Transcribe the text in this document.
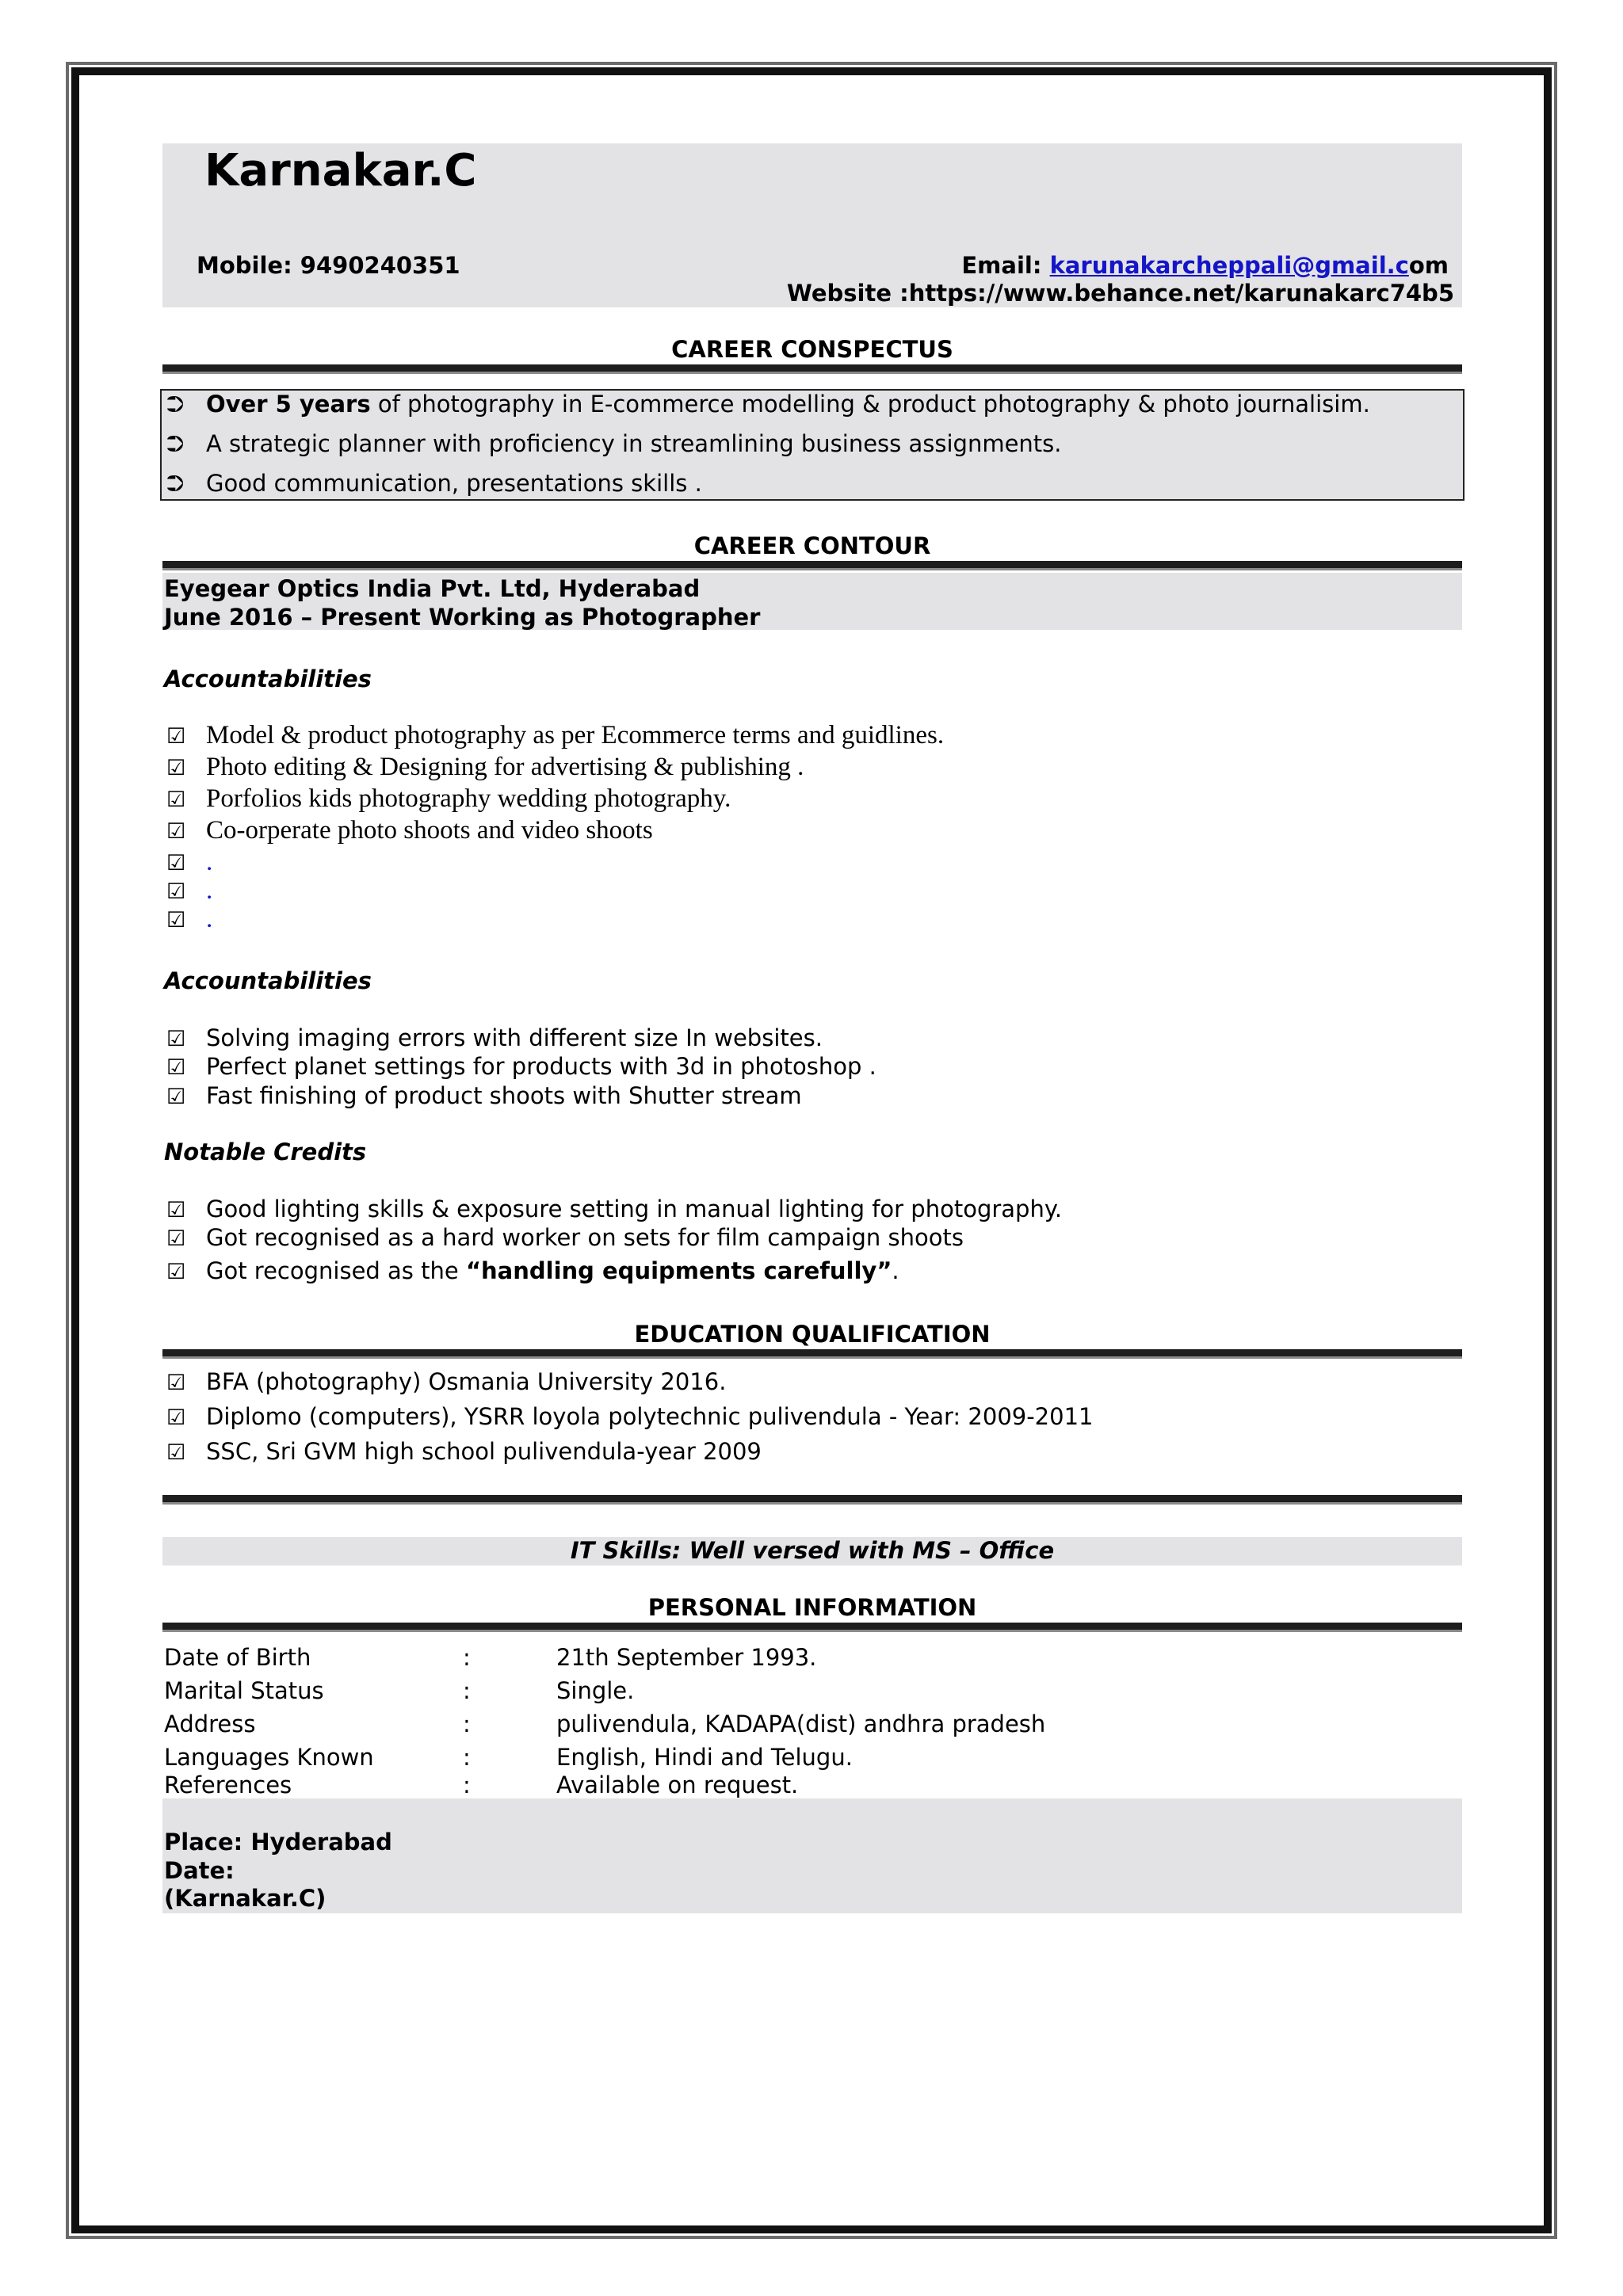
Karnakar.C
Mobile: 9490240351	Email: karunakarcheppali@gmail.com
Website :https://www.behance.net/karunakarc74b5
CAREER CONSPECTUS
⮊ Over 5 years of photography in E-commerce modelling & product photography & photo journalisim.
⮊ A strategic planner with proficiency in streamlining business assignments.
⮊ Good communication, presentations skills .
CAREER CONTOUR
Eyegear Optics India Pvt. Ltd, Hyderabad
June 2016 – Present Working as Photographer
Accountabilities
☑ Model & product photography as per Ecommerce terms and guidlines.
☑ Photo editing & Designing for advertising & publishing .
☑ Porfolios kids photography wedding photography.
☑ Co-orperate photo shoots and video shoots
☑ .
☑ .
☑ .
Accountabilities
☑ Solving imaging errors with different size In websites.
☑ Perfect planet settings for products with 3d in photoshop .
☑ Fast finishing of product shoots with Shutter stream
Notable Credits
☑ Good lighting skills & exposure setting in manual lighting for photography.
☑ Got recognised as a hard worker on sets for film campaign shoots
☑ Got recognised as the “handling equipments carefully”.
EDUCATION QUALIFICATION
☑ BFA (photography) Osmania University 2016.
☑ Diplomo (computers), YSRR loyola polytechnic pulivendula - Year: 2009-2011
☑ SSC, Sri GVM high school pulivendula-year 2009
IT Skills: Well versed with MS – Office
PERSONAL INFORMATION
Date of Birth	:	21th September 1993.
Marital Status	:	Single.
Address	:	pulivendula, KADAPA(dist) andhra pradesh
Languages Known	:	English, Hindi and Telugu.
References	:	Available on request.
Place: Hyderabad
Date:
(Karnakar.C)
